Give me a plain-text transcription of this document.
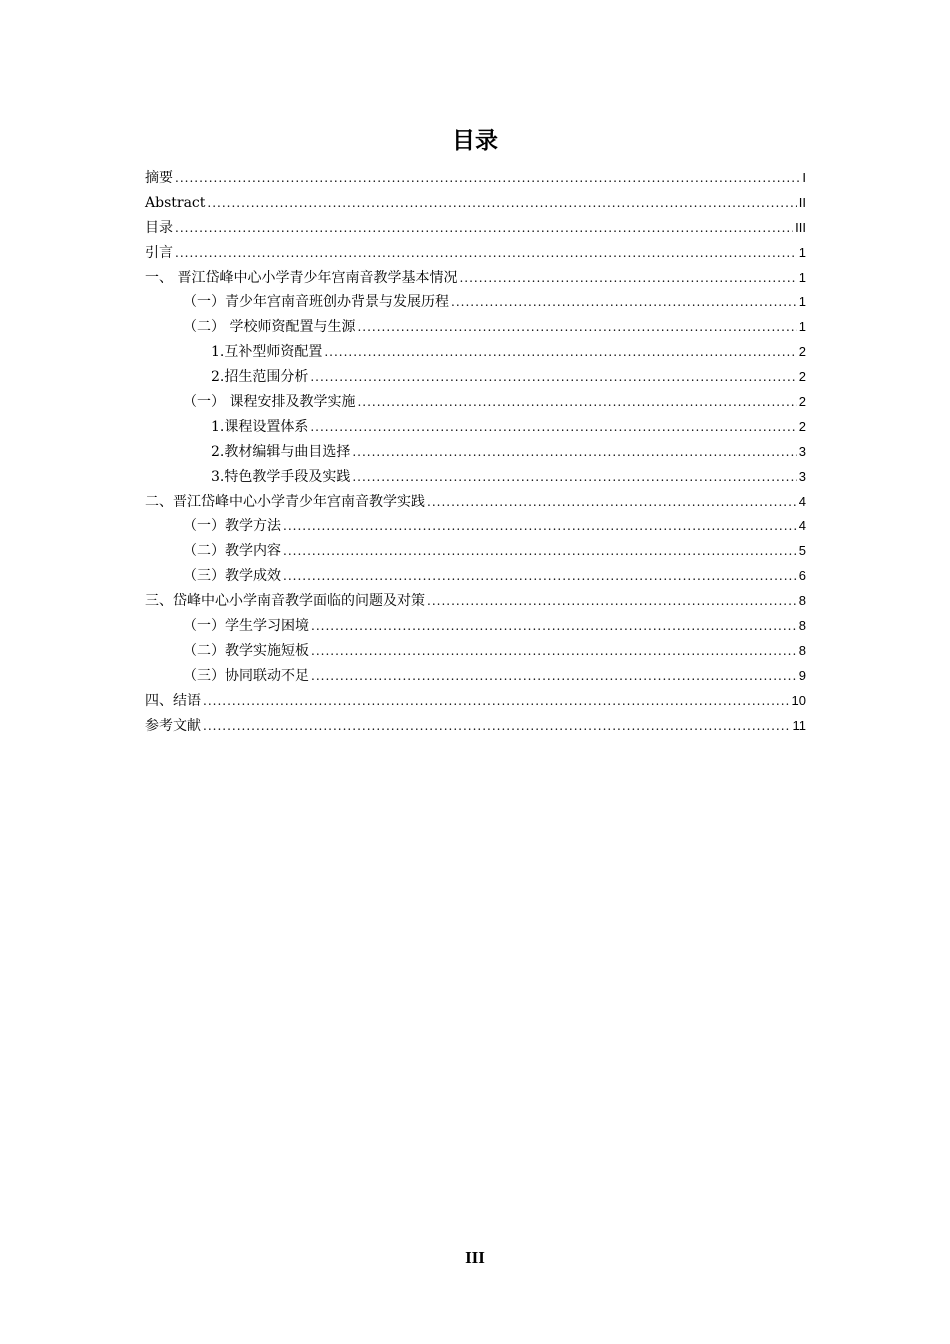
目录
摘要 .....	I
Abstract .....	II
目录 .....	III
引言 .....	1
一、 晋江岱峰中心小学青少年宫南音教学基本情况 .....	1
（一）青少年宫南音班创办背景与发展历程 .....	1
（二） 学校师资配置与生源 .....	1
1.互补型师资配置 .....	2
2.招生范围分析 .....	2
（一） 课程安排及教学实施 .....	2
1.课程设置体系 .....	2
2.教材编辑与曲目选择 .....	3
3.特色教学手段及实践 .....	3
二、晋江岱峰中心小学青少年宫南音教学实践 .....	4
（一）教学方法 .....	4
（二）教学内容 .....	5
（三）教学成效 .....	6
三、岱峰中心小学南音教学面临的问题及对策 .....	8
（一）学生学习困境 .....	8
（二）教学实施短板 .....	8
（三）协同联动不足 .....	9
四、结语 .....	10
参考文献 .....	11
III
